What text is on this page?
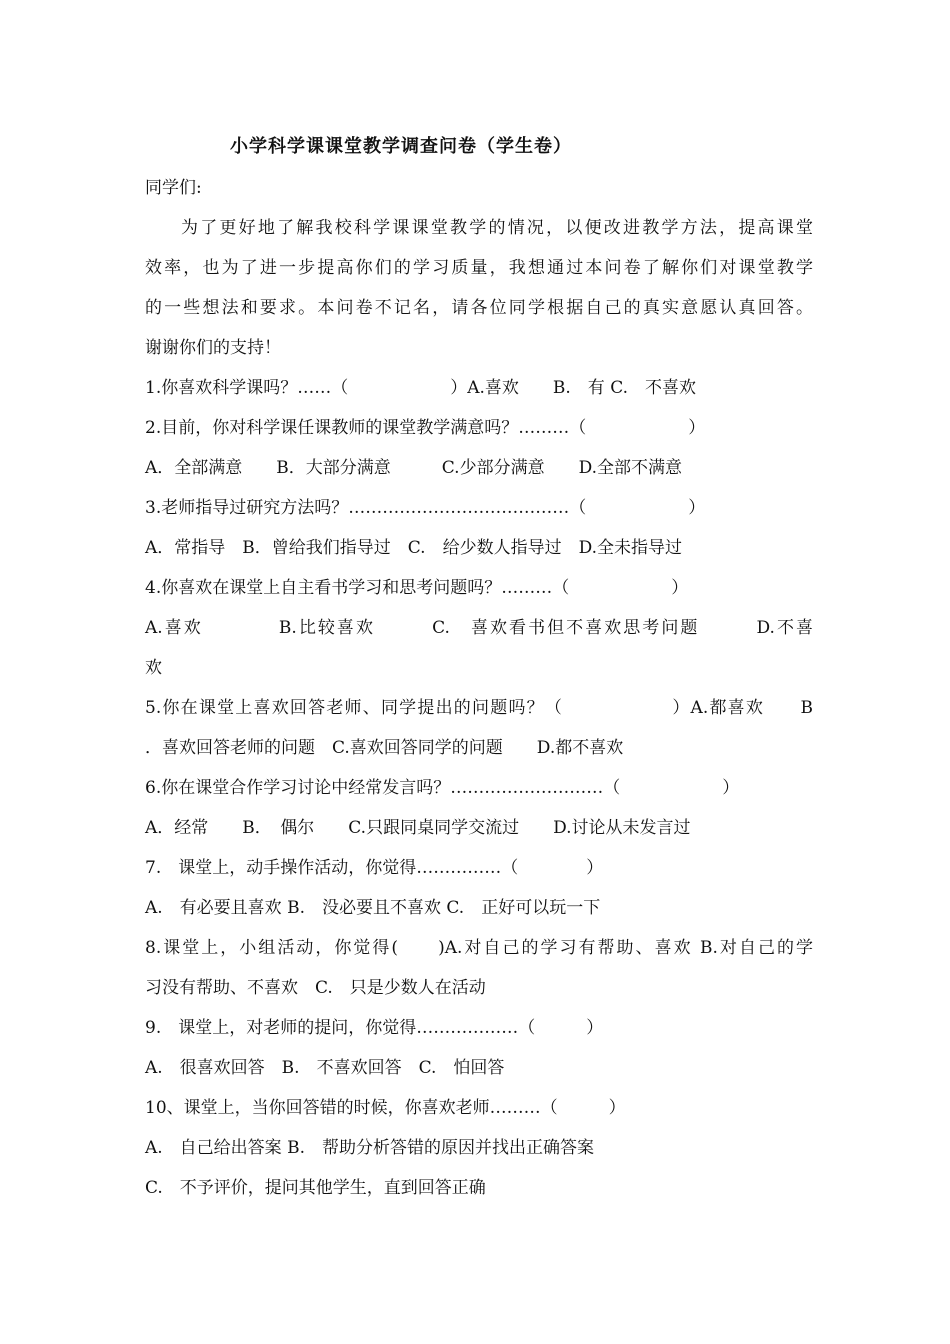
小学科学课课堂教学调查问卷（学生卷）
同学们:
为了更好地了解我校科学课课堂教学的情况，以便改进教学方法，提高课堂
效率，也为了进一步提高你们的学习质量，我想通过本问卷了解你们对课堂教学
的一些想法和要求。本问卷不记名，请各位同学根据自己的真实意愿认真回答。
谢谢你们的支持！
1.你喜欢科学课吗？……（　　　　　　）A.喜欢　　B.　有 C.　不喜欢
2.目前，你对科学课任课教师的课堂教学满意吗？………（　　　　　　）
A．全部满意　　B．大部分满意　　　C.少部分满意　　D.全部不满意
3.老师指导过研究方法吗？…………………………………（　　　　　　）
A．常指导　B．曾给我们指导过　C.　给少数人指导过　D.全未指导过
4.你喜欢在课堂上自主看书学习和思考问题吗？………（　　　　　　）
A.喜欢　　　　B.比较喜欢　　　C.　喜欢看书但不喜欢思考问题　　　D.不喜
欢
5.你在课堂上喜欢回答老师、同学提出的问题吗？（　　　　　　）A.都喜欢　　B
．喜欢回答老师的问题　C.喜欢回答同学的问题　　D.都不喜欢
6.你在课堂合作学习讨论中经常发言吗？………………………（　　　　　　）
A．经常　　B．　偶尔　　C.只跟同桌同学交流过　　D.讨论从未发言过
7.　课堂上，动手操作活动，你觉得……………（　　　　）
A.　有必要且喜欢 B.　没必要且不喜欢 C.　正好可以玩一下
8.课堂上，小组活动，你觉得(　　)A.对自己的学习有帮助、喜欢 B.对自己的学
习没有帮助、不喜欢　C.　只是少数人在活动
9.　课堂上，对老师的提问，你觉得………………（　　　）
A.　很喜欢回答　B.　不喜欢回答　C.　怕回答
10、课堂上，当你回答错的时候，你喜欢老师………（　　　）
A.　自己给出答案 B.　帮助分析答错的原因并找出正确答案
C.　不予评价，提问其他学生，直到回答正确
